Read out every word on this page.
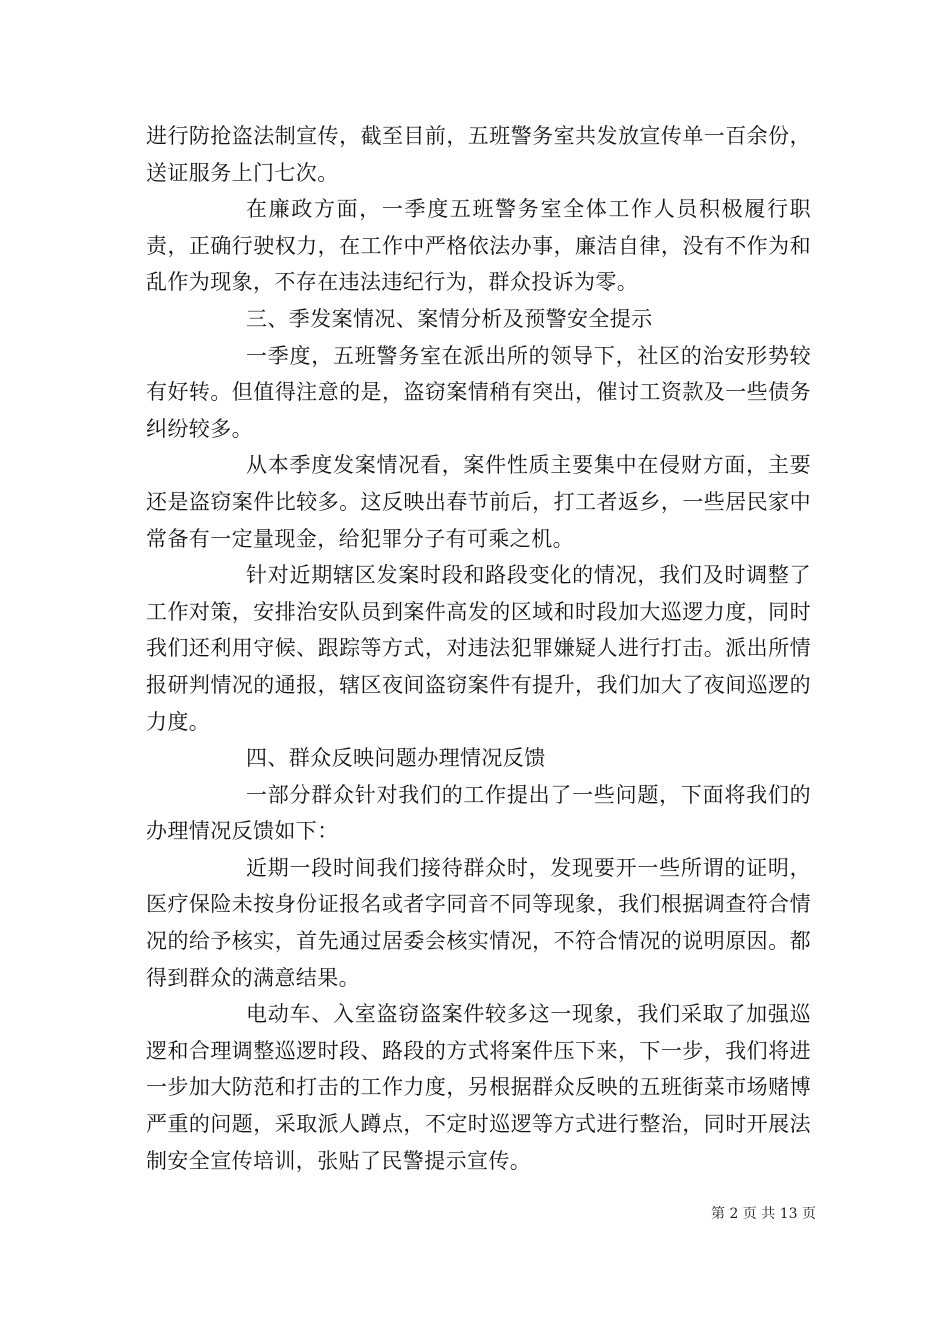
进行防抢盗法制宣传，截至目前，五班警务室共发放宣传单一百余份，送证服务上门七次。

在廉政方面，一季度五班警务室全体工作人员积极履行职责，正确行驶权力，在工作中严格依法办事，廉洁自律，没有不作为和乱作为现象，不存在违法违纪行为，群众投诉为零。

三、季发案情况、案情分析及预警安全提示

一季度，五班警务室在派出所的领导下，社区的治安形势较有好转。但值得注意的是，盗窃案情稍有突出，催讨工资款及一些债务纠纷较多。

从本季度发案情况看，案件性质主要集中在侵财方面，主要还是盗窃案件比较多。这反映出春节前后，打工者返乡，一些居民家中常备有一定量现金，给犯罪分子有可乘之机。

针对近期辖区发案时段和路段变化的情况，我们及时调整了工作对策，安排治安队员到案件高发的区域和时段加大巡逻力度，同时我们还利用守候、跟踪等方式，对违法犯罪嫌疑人进行打击。派出所情报研判情况的通报，辖区夜间盗窃案件有提升，我们加大了夜间巡逻的力度。

四、群众反映问题办理情况反馈

一部分群众针对我们的工作提出了一些问题，下面将我们的办理情况反馈如下：

近期一段时间我们接待群众时，发现要开一些所谓的证明，医疗保险未按身份证报名或者字同音不同等现象，我们根据调查符合情况的给予核实，首先通过居委会核实情况，不符合情况的说明原因。都得到群众的满意结果。

电动车、入室盗窃盗案件较多这一现象，我们采取了加强巡逻和合理调整巡逻时段、路段的方式将案件压下来，下一步，我们将进一步加大防范和打击的工作力度，另根据群众反映的五班街菜市场赌博严重的问题，采取派人蹲点，不定时巡逻等方式进行整治，同时开展法制安全宣传培训，张贴了民警提示宣传。

第 2 页 共 13 页
